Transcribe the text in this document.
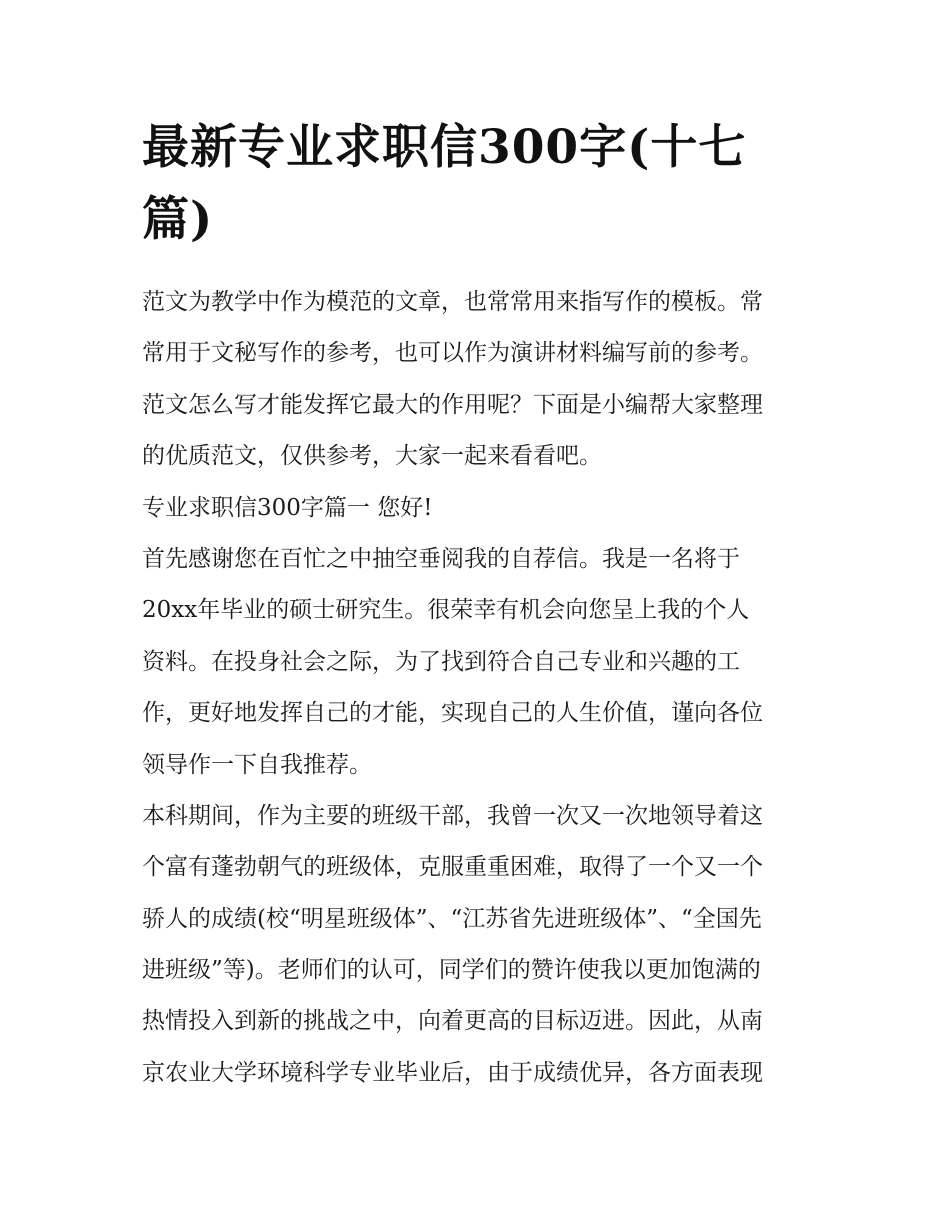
最新专业求职信300字(十七
篇)
范文为教学中作为模范的文章，也常常用来指写作的模板。常
常用于文秘写作的参考，也可以作为演讲材料编写前的参考。
范文怎么写才能发挥它最大的作用呢？下面是小编帮大家整理
的优质范文，仅供参考，大家一起来看看吧。
专业求职信300字篇一 您好!
首先感谢您在百忙之中抽空垂阅我的自荐信。我是一名将于
20xx年毕业的硕士研究生。很荣幸有机会向您呈上我的个人
资料。在投身社会之际，为了找到符合自己专业和兴趣的工
作，更好地发挥自己的才能，实现自己的人生价值，谨向各位
领导作一下自我推荐。
本科期间，作为主要的班级干部，我曾一次又一次地领导着这
个富有蓬勃朝气的班级体，克服重重困难，取得了一个又一个
骄人的成绩(校“明星班级体”、“江苏省先进班级体”、“全国先
进班级”等)。老师们的认可，同学们的赞许使我以更加饱满的
热情投入到新的挑战之中，向着更高的目标迈进。因此，从南
京农业大学环境科学专业毕业后，由于成绩优异，各方面表现
